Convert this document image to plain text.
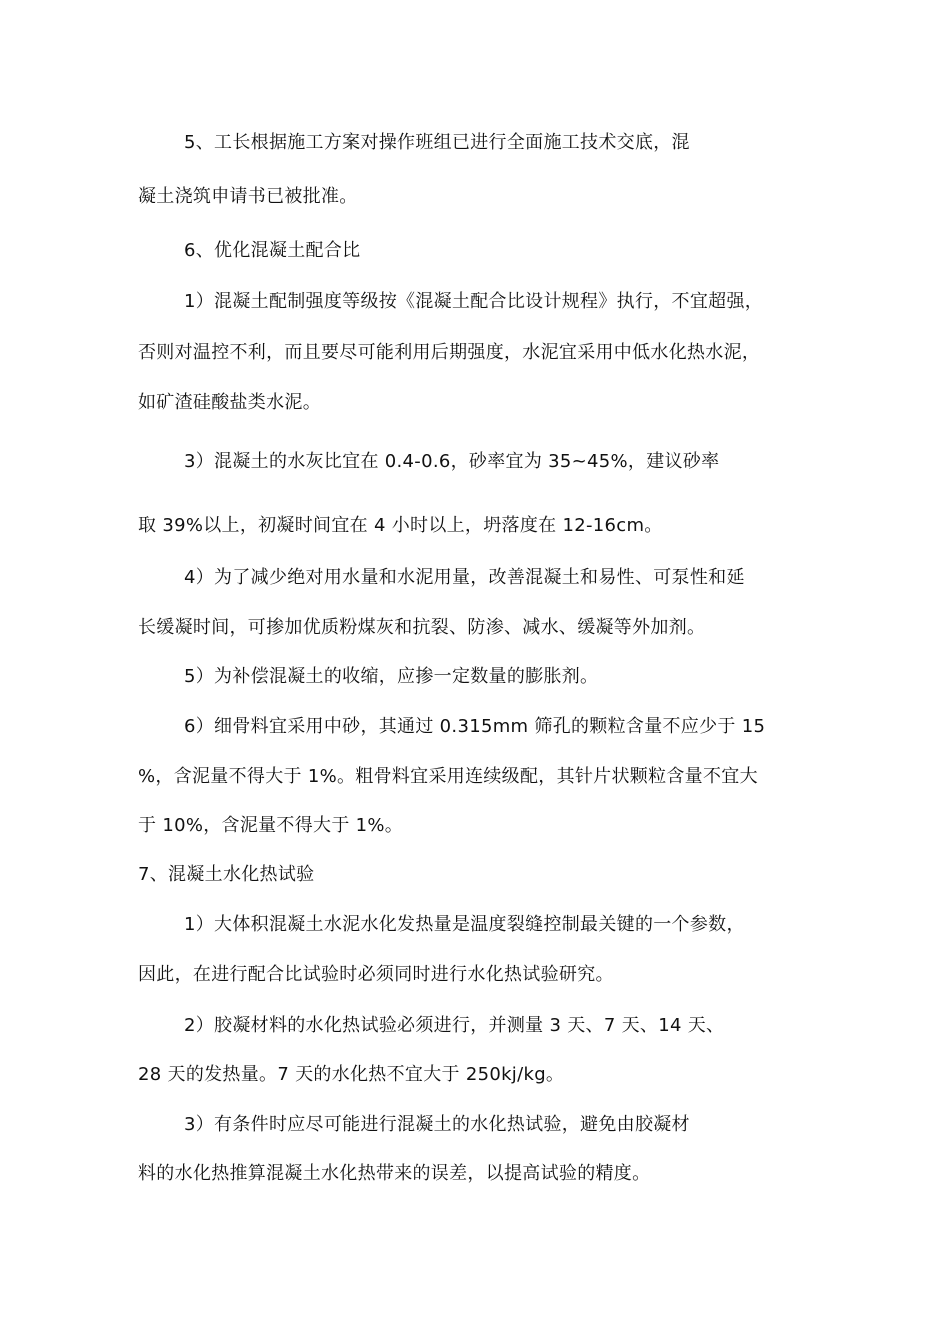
5、工长根据施工方案对操作班组已进行全面施工技术交底，混
凝土浇筑申请书已被批准。
6、优化混凝土配合比
1）混凝土配制强度等级按《混凝土配合比设计规程》执行，不宜超强，
否则对温控不利，而且要尽可能利用后期强度，水泥宜采用中低水化热水泥，
如矿渣硅酸盐类水泥。
3）混凝土的水灰比宜在 0.4-0.6，砂率宜为 35~45%，建议砂率
取 39%以上，初凝时间宜在 4 小时以上，坍落度在 12-16cm。
4）为了减少绝对用水量和水泥用量，改善混凝土和易性、可泵性和延
长缓凝时间，可掺加优质粉煤灰和抗裂、防渗、减水、缓凝等外加剂。
5）为补偿混凝土的收缩，应掺一定数量的膨胀剂。
6）细骨料宜采用中砂，其通过 0.315mm 筛孔的颗粒含量不应少于 15
%，含泥量不得大于 1%。粗骨料宜采用连续级配，其针片状颗粒含量不宜大
于 10%，含泥量不得大于 1%。
7、混凝土水化热试验
1）大体积混凝土水泥水化发热量是温度裂缝控制最关键的一个参数，
因此，在进行配合比试验时必须同时进行水化热试验研究。
2）胶凝材料的水化热试验必须进行，并测量 3 天、7 天、14 天、
28 天的发热量。7 天的水化热不宜大于 250kj/kg。
3）有条件时应尽可能进行混凝土的水化热试验，避免由胶凝材
料的水化热推算混凝土水化热带来的误差，以提高试验的精度。
